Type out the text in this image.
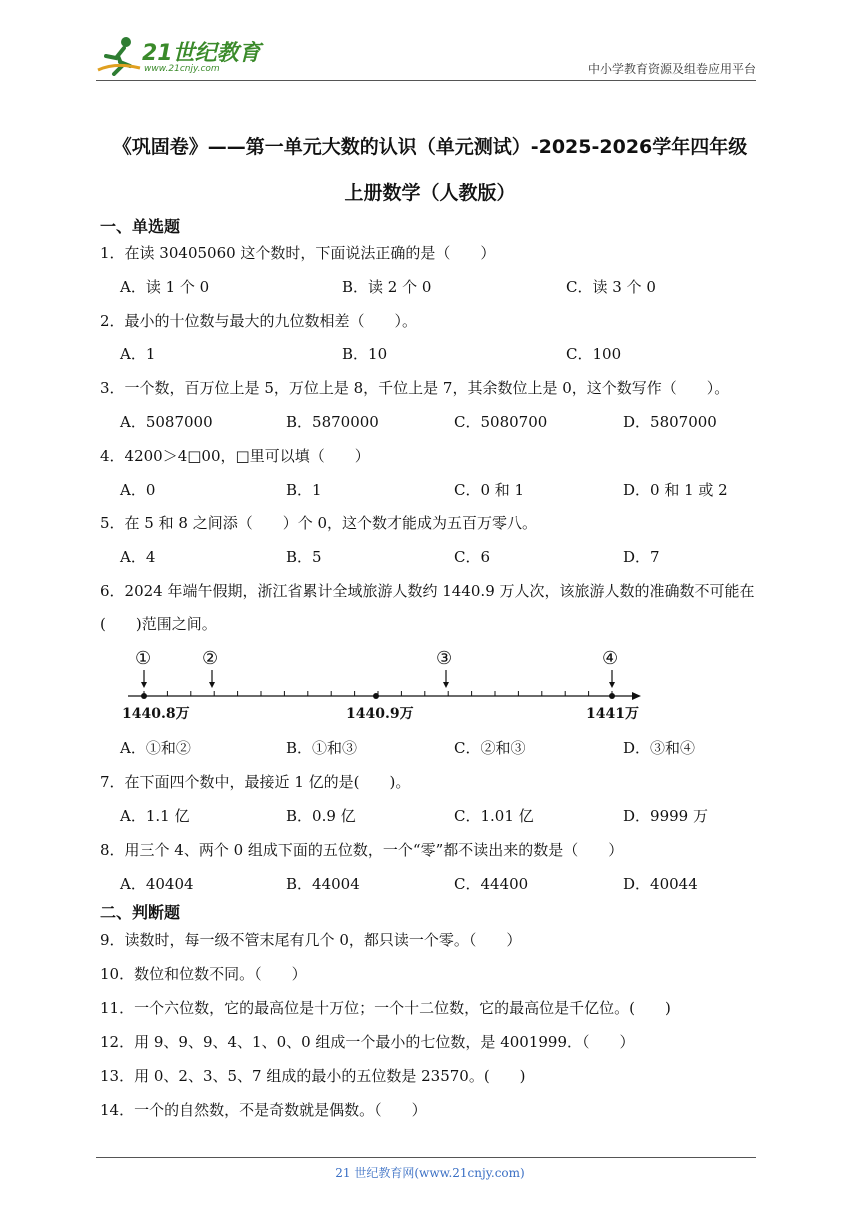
21世纪教育
www.21cnjy.com	中小学教育资源及组卷应用平台
《巩固卷》——第一单元大数的认识（单元测试）-2025-2026学年四年级
上册数学（人教版）
一、单选题
1．在读 30405060 这个数时，下面说法正确的是（　　）
A．读 1 个 0	B．读 2 个 0	C．读 3 个 0
2．最小的十位数与最大的九位数相差（　　）。
A．1	B．10	C．100
3．一个数，百万位上是 5，万位上是 8，千位上是 7，其余数位上是 0，这个数写作（　　）。
A．5087000	B．5870000	C．5080700	D．5807000
4．4200＞4□00，□里可以填（　　）
A．0	B．1	C．0 和 1	D．0 和 1 或 2
5．在 5 和 8 之间添（　　）个 0，这个数才能成为五百万零八。
A．4	B．5	C．6	D．7
6．2024 年端午假期，浙江省累计全域旅游人数约 1440.9 万人次，该旅游人数的准确数不可能在
(　　)范围之间。
①	②	③	④
1440.8万	1440.9万	1441万
A．①和②	B．①和③	C．②和③	D．③和④
7．在下面四个数中，最接近 1 亿的是(　　)。
A．1.1 亿	B．0.9 亿	C．1.01 亿	D．9999 万
8．用三个 4、两个 0 组成下面的五位数，一个“零”都不读出来的数是（　　）
A．40404	B．44004	C．44400	D．40044
二、判断题
9．读数时，每一级不管末尾有几个 0，都只读一个零。（　　）
10．数位和位数不同。（　　）
11．一个六位数，它的最高位是十万位；一个十二位数，它的最高位是千亿位。(　　)
12．用 9、9、9、4、1、0、0 组成一个最小的七位数，是 4001999．（　　）
13．用 0、2、3、5、7 组成的最小的五位数是 23570。(　　)
14．一个的自然数，不是奇数就是偶数。（　　）
21 世纪教育网(www.21cnjy.com)
